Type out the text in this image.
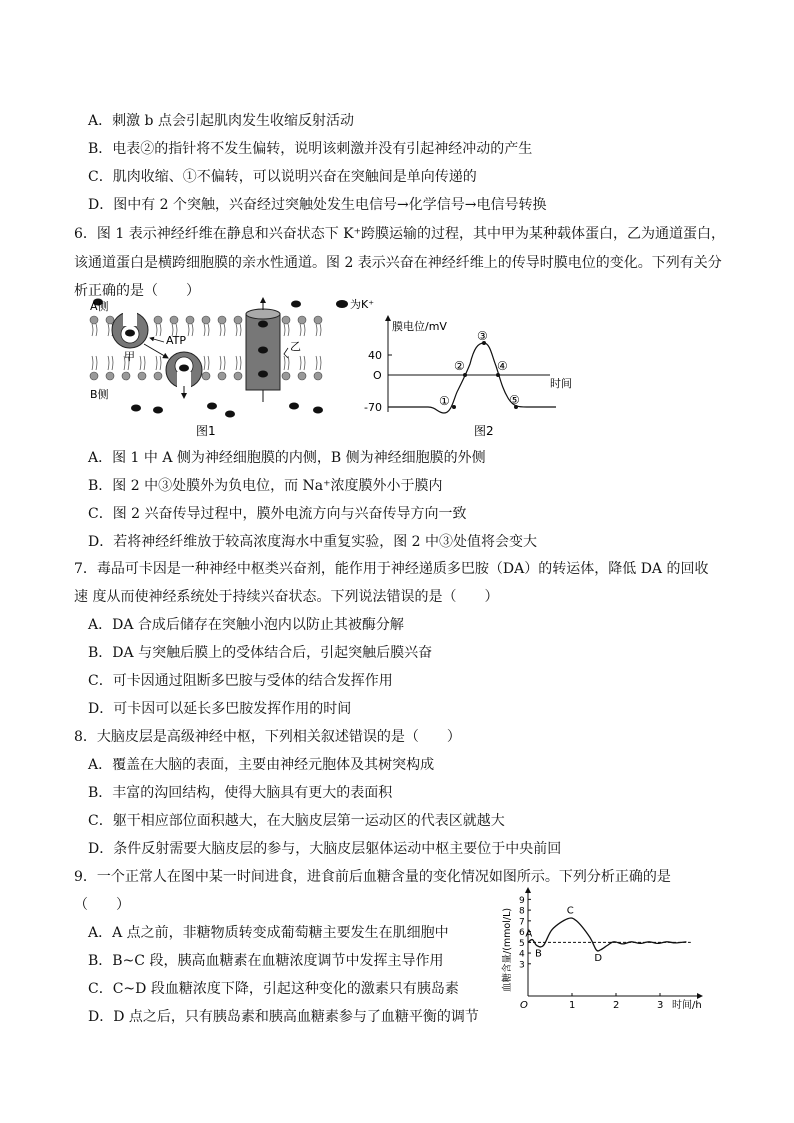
A．刺激 b 点会引起肌肉发生收缩反射活动
B．电表②的指针将不发生偏转，说明该刺激并没有引起神经冲动的产生
C．肌肉收缩、①不偏转，可以说明兴奋在突触间是单向传递的
D．图中有 2 个突触，兴奋经过突触处发生电信号→化学信号→电信号转换
6．图 1 表示神经纤维在静息和兴奋状态下 K⁺跨膜运输的过程，其中甲为某种载体蛋白，乙为通道蛋白，
该通道蛋白是横跨细胞膜的亲水性通道。图 2 表示兴奋在神经纤维上的传导时膜电位的变化。下列有关分
析正确的是（　　）
A侧
B侧
甲
ATP	乙
为K⁺
图1
膜电位/mV
时间
40
O
-70	①
②
③
④
⑤
图2
A．图 1 中 A 侧为神经细胞膜的内侧，B 侧为神经细胞膜的外侧
B．图 2 中③处膜外为负电位，而 Na⁺浓度膜外小于膜内
C．图 2 兴奋传导过程中，膜外电流方向与兴奋传导方向一致
D．若将神经纤维放于较高浓度海水中重复实验，图 2 中③处值将会变大
7．毒品可卡因是一种神经中枢类兴奋剂，能作用于神经递质多巴胺（DA）的转运体，降低 DA 的回收
速 度从而使神经系统处于持续兴奋状态。下列说法错误的是（　　）
A．DA 合成后储存在突触小泡内以防止其被酶分解
B．DA 与突触后膜上的受体结合后，引起突触后膜兴奋
C．可卡因通过阻断多巴胺与受体的结合发挥作用
D．可卡因可以延长多巴胺发挥作用的时间
8．大脑皮层是高级神经中枢，下列相关叙述错误的是（　　）
A．覆盖在大脑的表面，主要由神经元胞体及其树突构成
B．丰富的沟回结构，使得大脑具有更大的表面积
C．躯干相应部位面积越大，在大脑皮层第一运动区的代表区就越大
D．条件反射需要大脑皮层的参与，大脑皮层躯体运动中枢主要位于中央前回
9．一个正常人在图中某一时间进食，进食前后血糖含量的变化情况如图所示。下列分析正确的是
（　　）
A．A 点之前，非糖物质转变成葡萄糖主要发生在肌细胞中
B．B~C 段，胰高血糖素在血糖浓度调节中发挥主导作用
C．C~D 段血糖浓度下降，引起这种变化的激素只有胰岛素
D．D 点之后，只有胰岛素和胰高血糖素参与了血糖平衡的调节
血糖含量/(mmol/L)
时间/h
O
3
4
5
6
7
8
9
1	2	3
A
B
C
D
